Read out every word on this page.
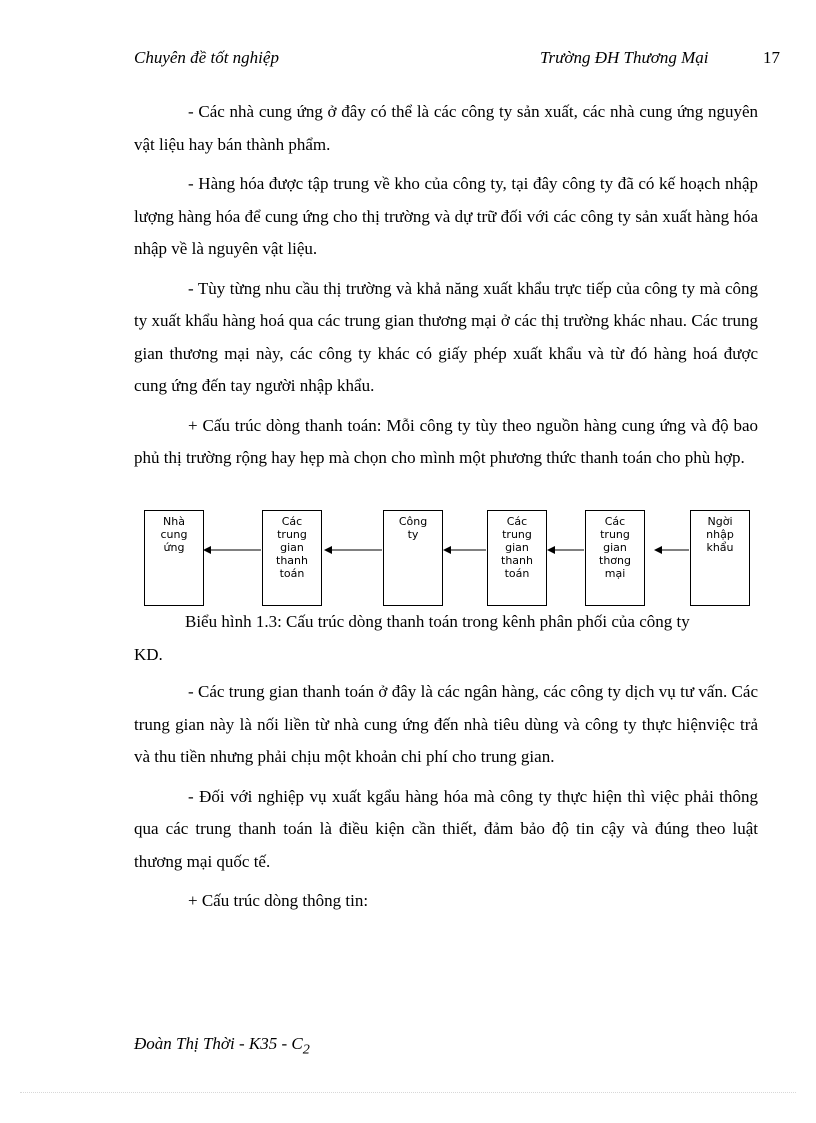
Chuyên đề tốt nghiệp	Trường ĐH Thương Mại	17

- Các nhà cung ứng ở đây có thể là các công ty sản xuất, các nhà cung ứng nguyên vật liệu hay bán thành phẩm.

- Hàng hóa được tập trung về kho của công ty, tại đây công ty đã có kế hoạch nhập lượng hàng hóa để cung ứng cho thị trường và dự trữ đối với các công ty sản xuất hàng hóa nhập về là nguyên vật liệu.

- Tùy từng nhu cầu thị trường và khả năng xuất khẩu trực tiếp của công ty mà công ty xuất khẩu hàng hoá qua các trung gian thương mại ở các thị trường khác nhau. Các trung gian thương mại này, các công ty khác có giấy phép xuất khẩu và từ đó hàng hoá được cung ứng đến tay người nhập khẩu.

+ Cấu trúc dòng thanh toán: Mỗi công ty tùy theo nguồn hàng cung ứng và độ bao phủ thị trường rộng hay hẹp mà chọn cho mình một phương thức thanh toán cho phù hợp.

Nhà
cung
ứng
Các
trung
gian
thanh
toán
Công
ty
Các
trung
gian
thanh
toán
Các
trung
gian
thơng
mại
Ngời
nhập
khẩu
Biểu hình 1.3: Cấu trúc dòng thanh toán trong kênh phân phối của công ty
KD.

- Các trung gian thanh toán ở đây là các ngân hàng, các công ty dịch vụ tư vấn. Các trung gian này là nối liền từ nhà cung ứng đến nhà tiêu dùng và công ty thực hiệnviệc trả và thu tiền nhưng phải chịu một khoản chi phí cho trung gian.

- Đối với nghiệp vụ xuất kgẩu hàng hóa mà công ty thực hiện thì việc phải thông qua các trung thanh toán là điều kiện cần thiết, đảm bảo độ tin cậy và đúng theo luật thương mại quốc tế.

+ Cấu trúc dòng thông tin:

Đoàn Thị Thời - $K35 - C_2$
